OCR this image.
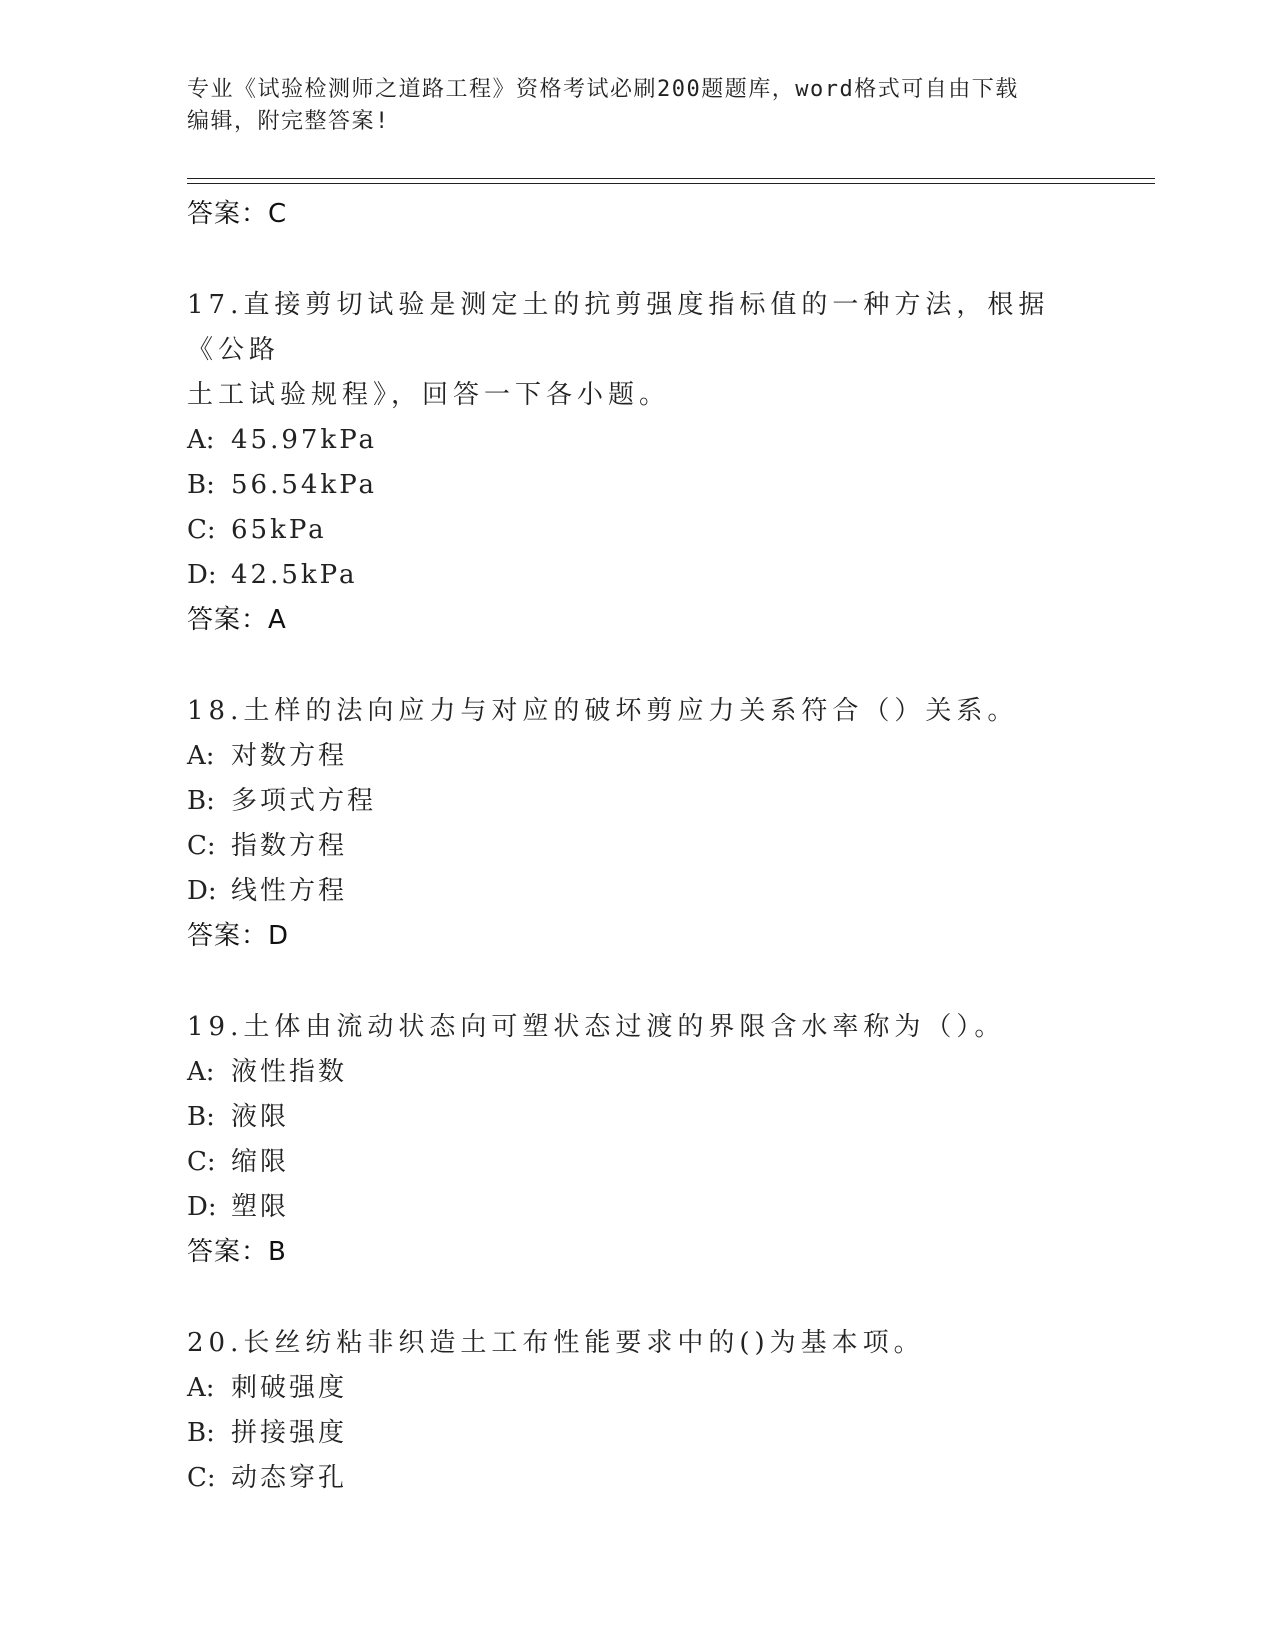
专业《试验检测师之道路工程》资格考试必刷200题题库，word格式可自由下载
编辑，附完整答案!
答案：C
17.直接剪切试验是测定土的抗剪强度指标值的一种方法，根据《公路
土工试验规程》，回答一下各小题。
A: 45.97kPa
B: 56.54kPa
C: 65kPa
D: 42.5kPa
答案：A
18.土样的法向应力与对应的破坏剪应力关系符合（）关系。
A: 对数方程
B: 多项式方程
C: 指数方程
D: 线性方程
答案：D
19.土体由流动状态向可塑状态过渡的界限含水率称为（）。
A: 液性指数
B: 液限
C: 缩限
D: 塑限
答案：B
20.长丝纺粘非织造土工布性能要求中的()为基本项。
A: 刺破强度
B: 拼接强度
C: 动态穿孔
